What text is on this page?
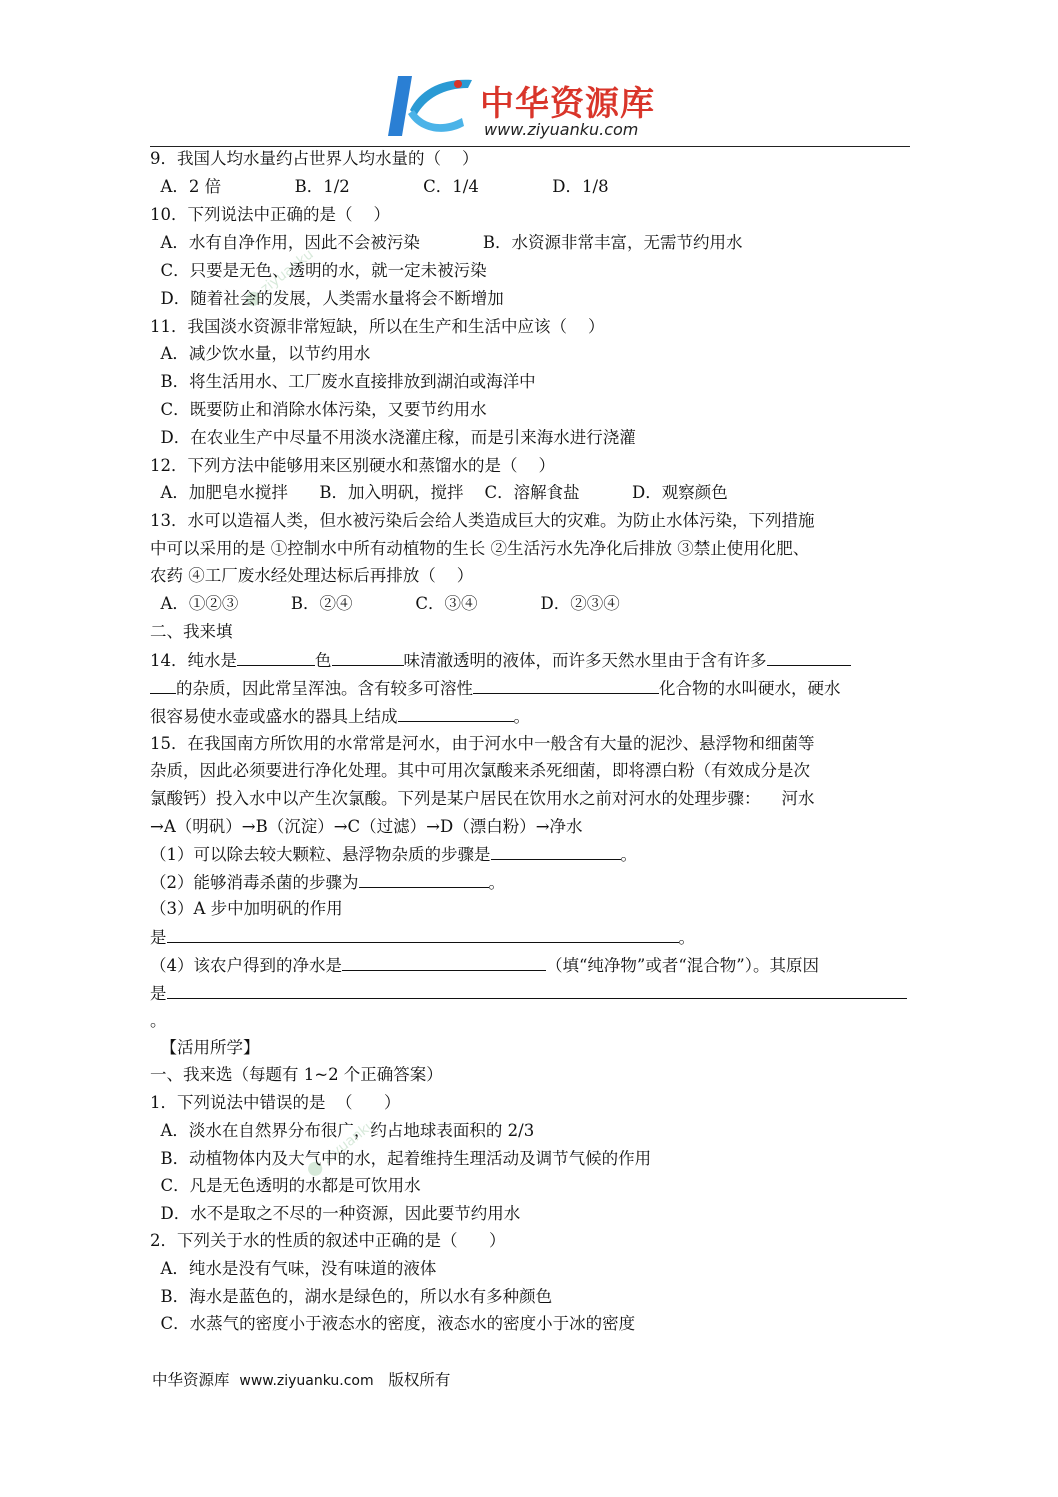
中华资源库
www.ziyuanku.com
⬤ ziyuanku
⬤ ziyuanku
9．我国人均水量约占世界人均水量的（    ）
A．2 倍              B．1/2              C．1/4              D．1/8
10．下列说法中正确的是（    ）
A．水有自净作用，因此不会被污染            B．水资源非常丰富，无需节约用水
C．只要是无色、透明的水，就一定未被污染
D．随着社会的发展，人类需水量将会不断增加
11．我国淡水资源非常短缺，所以在生产和生活中应该（    ）
A．减少饮水量，以节约用水
B．将生活用水、工厂废水直接排放到湖泊或海洋中
C．既要防止和消除水体污染，又要节约用水
D．在农业生产中尽量不用淡水浇灌庄稼，而是引来海水进行浇灌
12．下列方法中能够用来区别硬水和蒸馏水的是（    ）
A．加肥皂水搅拌      B．加入明矾，搅拌    C．溶解食盐          D．观察颜色
13．水可以造福人类，但水被污染后会给人类造成巨大的灾难。为防止水体污染，下列措施
中可以采用的是 ①控制水中所有动植物的生长 ②生活污水先净化后排放 ③禁止使用化肥、
农药 ④工厂废水经处理达标后再排放（    ）
A．①②③          B．②④            C．③④            D．②③④
二、我来填
14．纯水是	色	味清澈透明的液体，而许多天然水里由于含有许多
的杂质，因此常呈浑浊。含有较多可溶性	化合物的水叫硬水，硬水
很容易使水壶或盛水的器具上结成	。
15．在我国南方所饮用的水常常是河水，由于河水中一般含有大量的泥沙、悬浮物和细菌等
杂质，因此必须要进行净化处理。其中可用次氯酸来杀死细菌，即将漂白粉（有效成分是次
氯酸钙）投入水中以产生次氯酸。下列是某户居民在饮用水之前对河水的处理步骤：    河水
→A（明矾）→B（沉淀）→C（过滤）→D（漂白粉）→净水
（1）可以除去较大颗粒、悬浮物杂质的步骤是	。
（2）能够消毒杀菌的步骤为	。
（3）A 步中加明矾的作用
是	。
（4）该农户得到的净水是	（填“纯净物”或者“混合物”）。其原因
是
。
【活用所学】
一、我来选（每题有 1~2 个正确答案）
1．下列说法中错误的是  （      ）
A．淡水在自然界分布很广，约占地球表面积的 2/3
B．动植物体内及大气中的水，起着维持生理活动及调节气候的作用
C．凡是无色透明的水都是可饮用水
D．水不是取之不尽的一种资源，因此要节约用水
2．下列关于水的性质的叙述中正确的是（      ）
A．纯水是没有气味，没有味道的液体
B．海水是蓝色的，湖水是绿色的，所以水有多种颜色
C．水蒸气的密度小于液态水的密度，液态水的密度小于冰的密度
中华资源库 www.ziyuanku.com 版权所有
